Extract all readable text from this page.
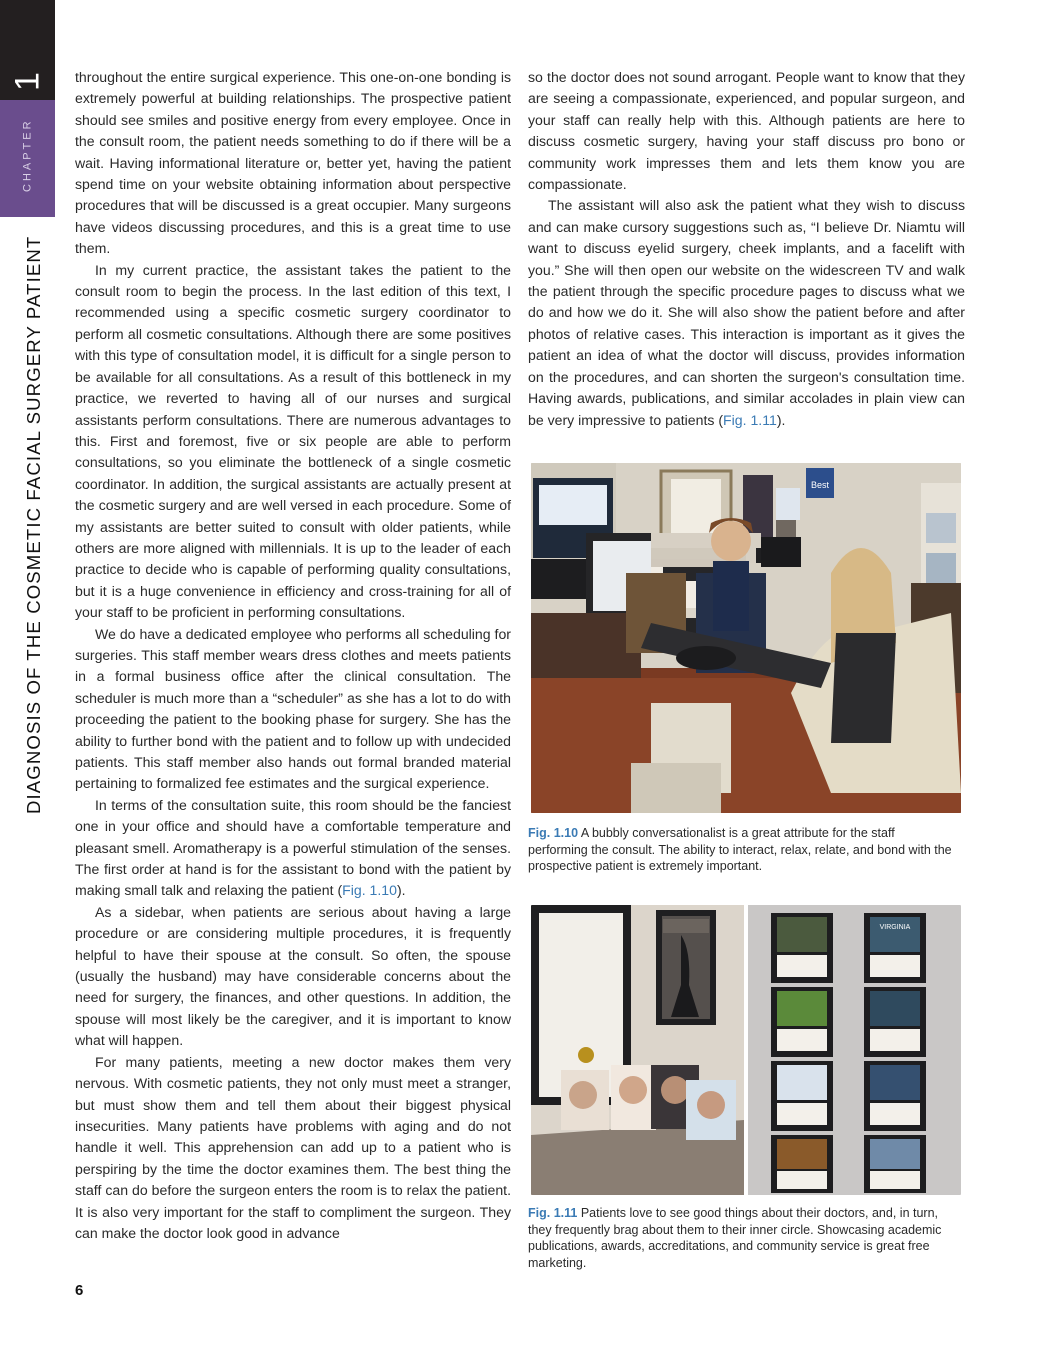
1
CHAPTER
DIAGNOSIS OF THE COSMETIC FACIAL SURGERY PATIENT

throughout the entire surgical experience. This one-on-one bonding is extremely powerful at building relationships. The prospective patient should see smiles and positive energy from every employee. Once in the consult room, the patient needs something to do if there will be a wait. Having informational literature or, better yet, having the patient spend time on your website obtaining information about perspective procedures that will be discussed is a great occupier. Many surgeons have videos discussing procedures, and this is a great time to use them.

In my current practice, the assistant takes the patient to the consult room to begin the process. In the last edition of this text, I recommended using a specific cosmetic surgery coordinator to perform all cosmetic consultations. Although there are some positives with this type of consultation model, it is difficult for a single person to be available for all consultations. As a result of this bottleneck in my practice, we reverted to having all of our nurses and surgical assistants perform consultations. There are numerous advantages to this. First and foremost, five or six people are able to perform consultations, so you eliminate the bottleneck of a single cosmetic coordinator. In addition, the surgical assistants are actually present at the cosmetic surgery and are well versed in each procedure. Some of my assistants are better suited to consult with older patients, while others are more aligned with millennials. It is up to the leader of each practice to decide who is capable of performing quality consultations, but it is a huge convenience in efficiency and cross-training for all of your staff to be proficient in performing consultations.

We do have a dedicated employee who performs all scheduling for surgeries. This staff member wears dress clothes and meets patients in a formal business office after the clinical consultation. The scheduler is much more than a “scheduler” as she has a lot to do with proceeding the patient to the booking phase for surgery. She has the ability to further bond with the patient and to follow up with undecided patients. This staff member also hands out formal branded material pertaining to formalized fee estimates and the surgical experience.

In terms of the consultation suite, this room should be the fanciest one in your office and should have a comfortable temperature and pleasant smell. Aromatherapy is a powerful stimulation of the senses. The first order at hand is for the assistant to bond with the patient by making small talk and relaxing the patient (Fig. 1.10).

As a sidebar, when patients are serious about having a large procedure or are considering multiple procedures, it is frequently helpful to have their spouse at the consult. So often, the spouse (usually the husband) may have considerable concerns about the need for surgery, the finances, and other questions. In addition, the spouse will most likely be the caregiver, and it is important to know what will happen.

For many patients, meeting a new doctor makes them very nervous. With cosmetic patients, they not only must meet a stranger, but must show them and tell them about their biggest physical insecurities. Many patients have problems with aging and do not handle it well. This apprehension can add up to a patient who is perspiring by the time the doctor examines them. The best thing the staff can do before the surgeon enters the room is to relax the patient. It is also very important for the staff to compliment the surgeon. They can make the doctor look good in advance

so the doctor does not sound arrogant. People want to know that they are seeing a compassionate, experienced, and popular surgeon, and your staff can really help with this. Although patients are here to discuss cosmetic surgery, having your staff discuss pro bono or community work impresses them and lets them know you are compassionate.

The assistant will also ask the patient what they wish to discuss and can make cursory suggestions such as, “I believe Dr. Niamtu will want to discuss eyelid surgery, cheek implants, and a facelift with you.” She will then open our website on the widescreen TV and walk the patient through the specific procedure pages to discuss what we do and how we do it. She will also show the patient before and after photos of relative cases. This interaction is important as it gives the patient an idea of what the doctor will discuss, provides information on the procedures, and can shorten the surgeon's consultation time. Having awards, publications, and similar accolades in plain view can be very impressive to patients (Fig. 1.11).

Best
Fig. 1.10 A bubbly conversationalist is a great attribute for the staff performing the consult. The ability to interact, relax, relate, and bond with the prospective patient is extremely important.
VIRGINIA
Fig. 1.11 Patients love to see good things about their doctors, and, in turn, they frequently brag about them to their inner circle. Showcasing academic publications, awards, accreditations, and community service is great free marketing.
6
